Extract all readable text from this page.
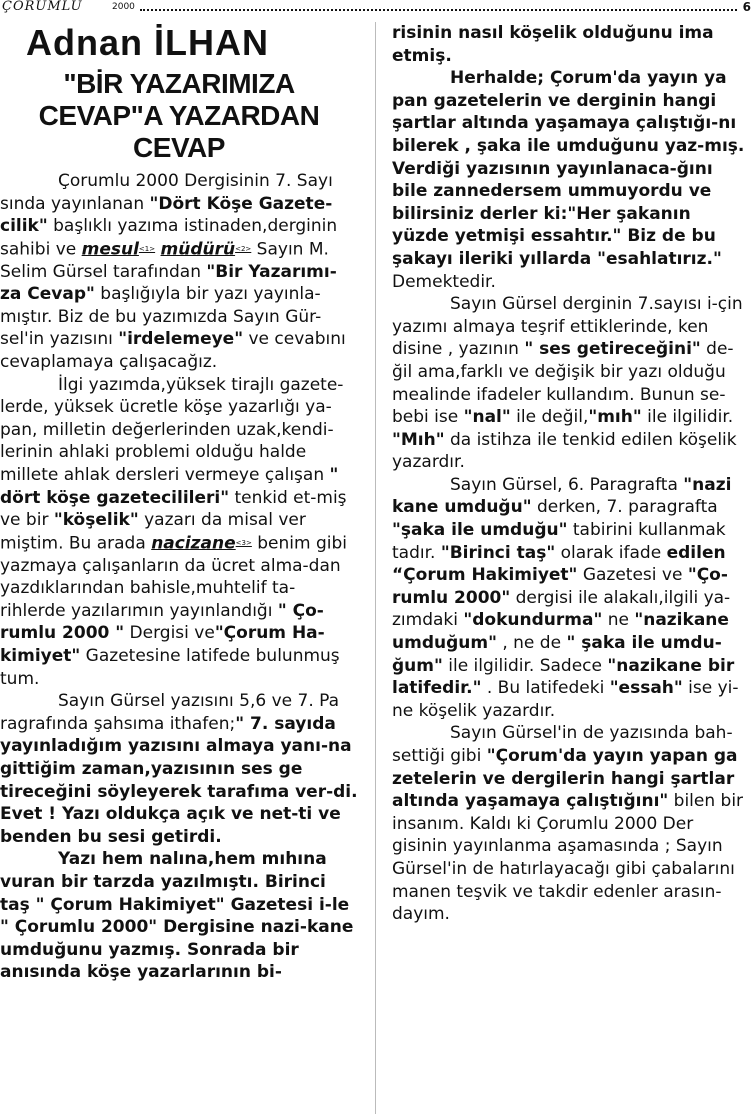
ÇORUMLU	2000	6
Adnan İLHAN
"BİR YAZARIMIZA CEVAP"A YAZARDAN CEVAP

Çorumlu 2000 Dergisinin 7. Sayı sında yayınlanan "Dört Köşe Gazete- cilik" başlıklı yazıma istinaden,derginin sahibi ve mesul<1> müdürü<2> Sayın M. Selim Gürsel tarafından "Bir Yazarımı-za Cevap" başlığıyla bir yazı yayınla-mıştır. Biz de bu yazımızda Sayın Gür-sel'in yazısını "irdelemeye" ve cevabını cevaplamaya çalışacağız.

İlgi yazımda,yüksek tirajlı gazete-lerde, yüksek ücretle köşe yazarlığı ya-pan, milletin değerlerinden uzak,kendi-lerinin ahlaki problemi olduğu halde millete ahlak dersleri vermeye çalışan " dört köşe gazetecilileri" tenkid et-miş ve bir "köşelik" yazarı da misal ver miştim. Bu arada nacizane<3> benim gibi yazmaya çalışanların da ücret alma-dan yazdıklarından bahisle,muhtelif ta-rihlerde yazılarımın yayınlandığı " Ço-rumlu 2000 " Dergisi ve"Çorum Ha-kimiyet" Gazetesine latifede bulunmuş tum.

Sayın Gürsel yazısını 5,6 ve 7. Pa ragrafında şahsıma ithafen;" 7. sayıda yayınladığım yazısını almaya yanı-na gittiğim zaman,yazısının ses ge tireceğini söyleyerek tarafıma ver-di. Evet ! Yazı oldukça açık ve net-ti ve benden bu sesi getirdi.

Yazı hem nalına,hem mıhına vuran bir tarzda yazılmıştı. Birinci taş " Çorum Hakimiyet" Gazetesi i-le " Çorumlu 2000" Dergisine nazi-kane umduğunu yazmış. Sonrada bir anısında köşe yazarlarının bi-

risinin nasıl köşelik olduğunu ima etmiş.

Herhalde; Çorum'da yayın ya pan gazetelerin ve derginin hangi şartlar altında yaşamaya çalıştığı-nı bilerek , şaka ile umduğunu yaz-mış. Verdiği yazısının yayınlanaca-ğını bile zannedersem ummuyordu ve bilirsiniz derler ki:"Her şakanın yüzde yetmişi essahtır." Biz de bu şakayı ileriki yıllarda "esahlatırız." Demektedir.

Sayın Gürsel derginin 7.sayısı i-çin yazımı almaya teşrif ettiklerinde, ken disine , yazının " ses getireceğini" de-ğil ama,farklı ve değişik bir yazı olduğu mealinde ifadeler kullandım. Bunun se-bebi ise "nal" ile değil,"mıh" ile ilgilidir. "Mıh" da istihza ile tenkid edilen köşelik yazardır.

Sayın Gürsel, 6. Paragrafta "nazi kane umduğu" derken, 7. paragrafta "şaka ile umduğu" tabirini kullanmak tadır. "Birinci taş" olarak ifade edilen “Çorum Hakimiyet" Gazetesi ve "Ço-rumlu 2000" dergisi ile alakalı,ilgili ya-zımdaki "dokundurma" ne "nazikane umduğum" , ne de " şaka ile umdu-ğum" ile ilgilidir. Sadece "nazikane bir latifedir." . Bu latifedeki "essah" ise yi-ne köşelik yazardır.

Sayın Gürsel'in de yazısında bah-settiği gibi "Çorum'da yayın yapan ga zetelerin ve dergilerin hangi şartlar altında yaşamaya çalıştığını" bilen bir insanım. Kaldı ki Çorumlu 2000 Der gisinin yayınlanma aşamasında ; Sayın Gürsel'in de hatırlayacağı gibi çabalarını manen teşvik ve takdir edenler arasın-dayım.
